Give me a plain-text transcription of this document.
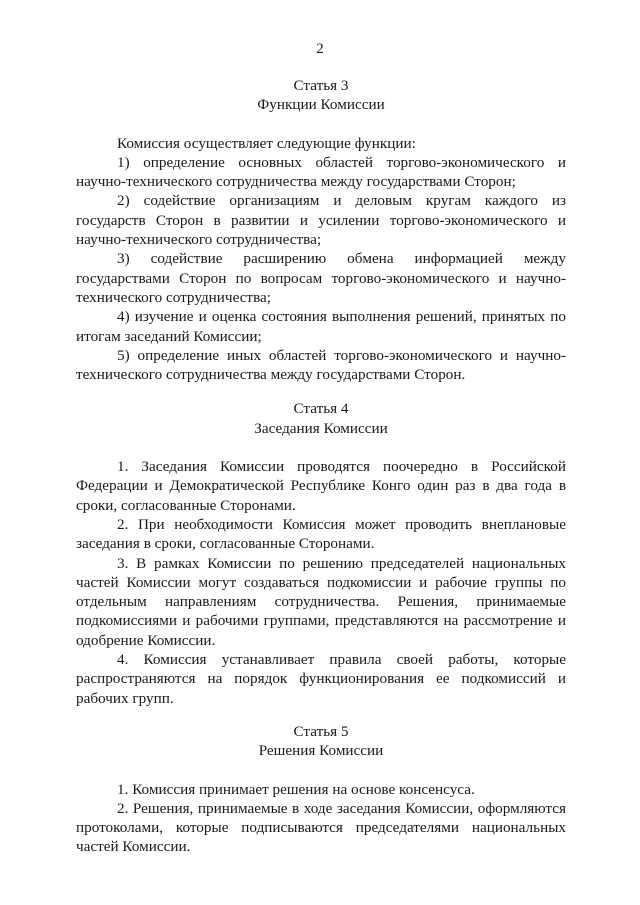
2

Статья 3

Функции Комиссии

Комиссия осуществляет следующие функции:

1) определение основных областей торгово-экономического и научно-технического сотрудничества между государствами Сторон;

2) содействие организациям и деловым кругам каждого из государств Сторон в развитии и усилении торгово-экономического и научно-технического сотрудничества;

3) содействие расширению обмена информацией между государствами Сторон по вопросам торгово-экономического и научно-технического сотрудничества;

4) изучение и оценка состояния выполнения решений, принятых по итогам заседаний Комиссии;

5) определение иных областей торгово-экономического и научно-технического сотрудничества между государствами Сторон.

Статья 4

Заседания Комиссии

1. Заседания Комиссии проводятся поочередно в Российской Федерации и Демократической Республике Конго один раз в два года в сроки, согласованные Сторонами.

2. При необходимости Комиссия может проводить внеплановые заседания в сроки, согласованные Сторонами.

3. В рамках Комиссии по решению председателей национальных частей Комиссии могут создаваться подкомиссии и рабочие группы по отдельным направлениям сотрудничества. Решения, принимаемые подкомиссиями и рабочими группами, представляются на рассмотрение и одобрение Комиссии.

4. Комиссия устанавливает правила своей работы, которые распространяются на порядок функционирования ее подкомиссий и рабочих групп.

Статья 5

Решения Комиссии

1. Комиссия принимает решения на основе консенсуса.

2. Решения, принимаемые в ходе заседания Комиссии, оформляются протоколами, которые подписываются председателями национальных частей Комиссии.
